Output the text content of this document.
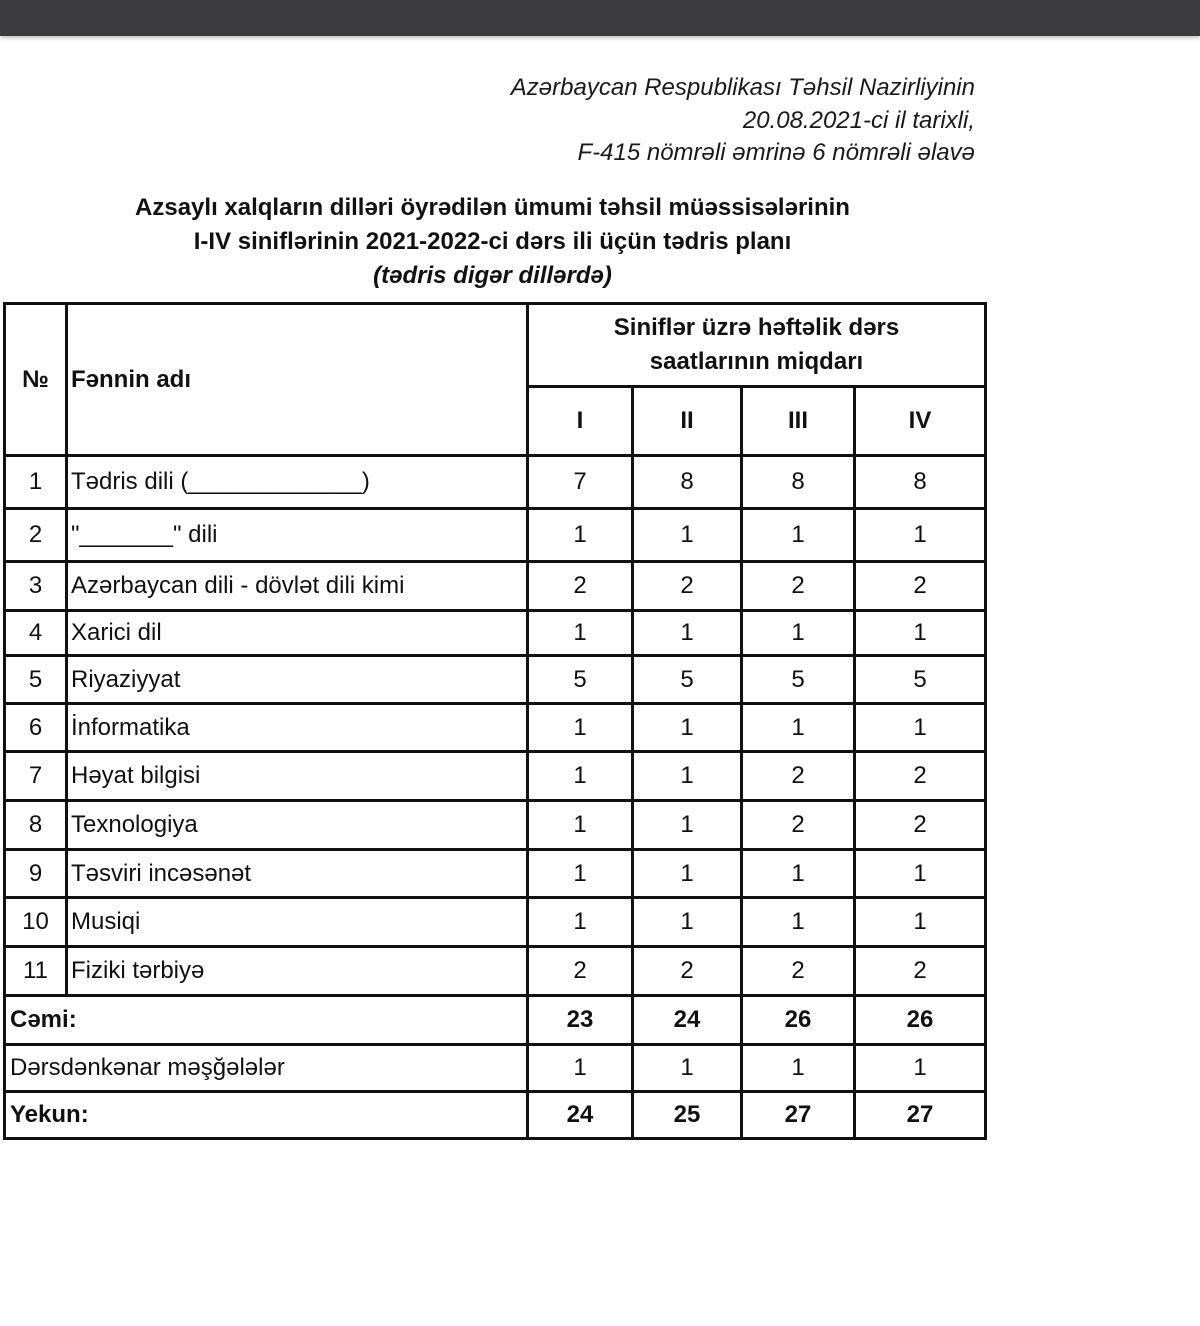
Azərbaycan Respublikası Təhsil Nazirliyinin
20.08.2021-ci il tarixli,
F-415 nömrəli əmrinə 6 nömrəli əlavə
Azsaylı xalqların dilləri öyrədilən ümumi təhsil müəssisələrinin
I-IV siniflərinin 2021-2022-ci dərs ili üçün tədris planı
(tədris digər dillərdə)
№	Fənnin adı	Siniflər üzrə həftəlik dərs
saatlarının miqdarı			

		I	II	III	IV
1	Tədris dili (_____________)	7	8	8	8
2	"_______" dili	1	1	1	1
3	Azərbaycan dili - dövlət dili kimi	2	2	2	2
4	Xarici dil	1	1	1	1
5	Riyaziyyat	5	5	5	5
6	İnformatika	1	1	1	1
7	Həyat bilgisi	1	1	2	2
8	Texnologiya	1	1	2	2
9	Təsviri incəsənət	1	1	1	1
10	Musiqi	1	1	1	1
11	Fiziki tərbiyə	2	2	2	2
Cəmi:		23	24	26	26
Dərsdənkənar məşğələlər		1	1	1	1
Yekun:		24	25	27	27
